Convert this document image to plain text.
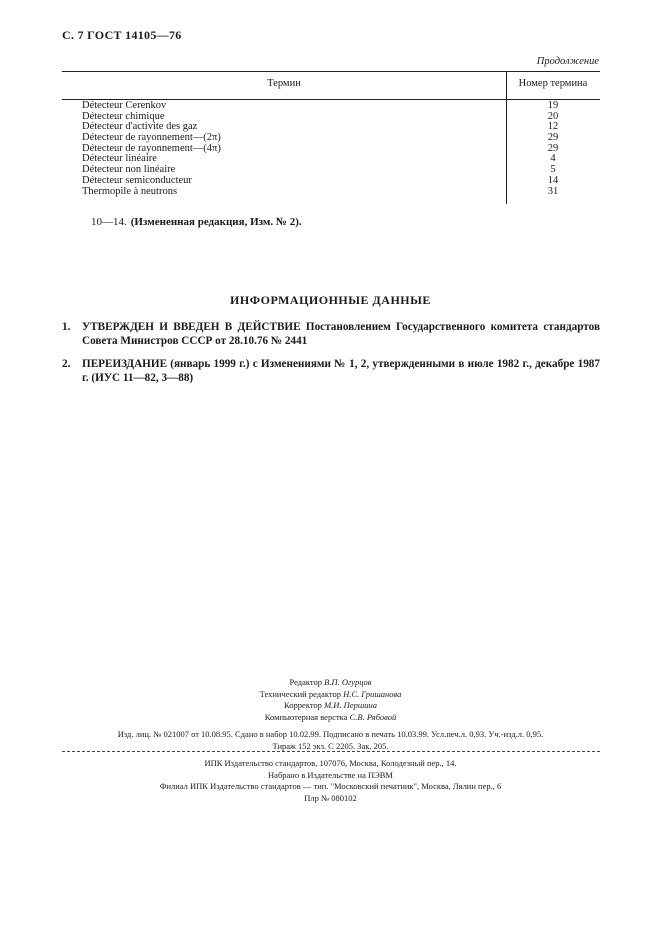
С. 7 ГОСТ 14105—76
Продолжение
Термин	Номер термина
Détecteur Cerenkov	19
Détecteur chimique	20
Détecteur d'activite des gaz	12
Détecteur de rayonnement—(2π)	29
Détecteur de rayonnement—(4π)	29
Détecteur linéaire	4
Détecteur non linéaire	5
Détecteur semiconducteur	14
Thermopile à neutrons	31
10—14. (Измененная редакция, Изм. № 2).
ИНФОРМАЦИОННЫЕ ДАННЫЕ
1. УТВЕРЖДЕН И ВВЕДЕН В ДЕЙСТВИЕ Постановлением Государственного комитета стандартов Совета Министров СССР от 28.10.76 № 2441
2. ПЕРЕИЗДАНИЕ (январь 1999 г.) с Изменениями № 1, 2, утвержденными в июле 1982 г., декабре 1987 г. (ИУС 11—82, 3—88)
Редактор В.П. Огурцов
Технический редактор Н.С. Гришанова
Корректор М.И. Першина
Компьютерная верстка С.В. Рябовой
Изд. лиц. № 021007 от 10.08.95. Сдано в набор 10.02.99. Подписано в печать 10.03.99. Усл.печ.л. 0,93. Уч.-изд.л. 0,95.
Тираж 152 экз. С 2205. Зак. 205.
ИПК Издательство стандартов, 107076, Москва, Колодезный пер., 14.
Набрано в Издательстве на ПЭВМ
Филиал ИПК Издательство стандартов — тип. "Московский печатник", Москва, Лялин пер., 6
Плр № 080102
